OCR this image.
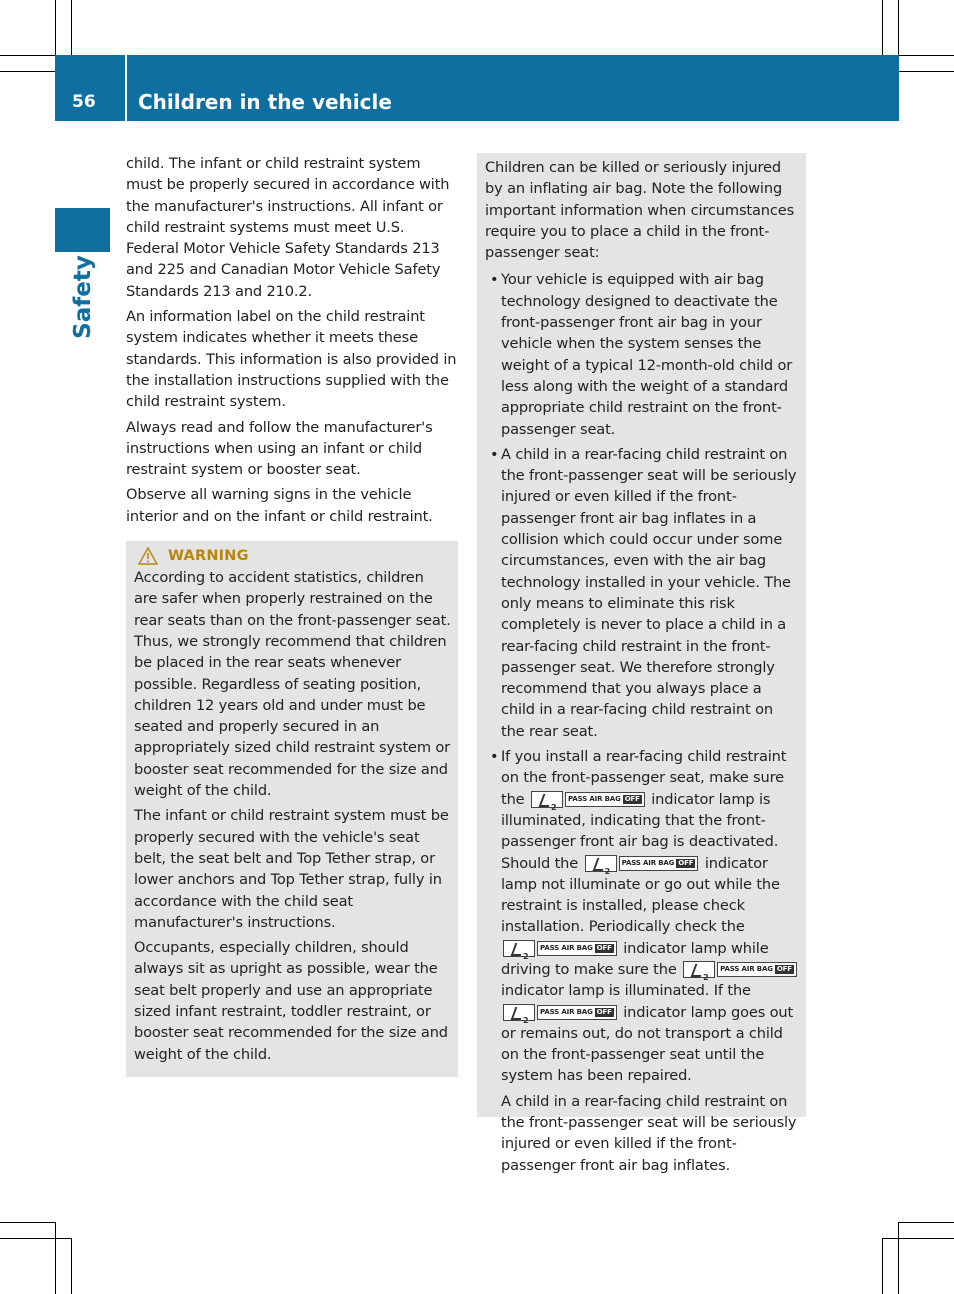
56	Children in the vehicle
Safety

child. The infant or child restraint system must be properly secured in accordance with the manufacturer's instructions. All infant or child restraint systems must meet U.S. Federal Motor Vehicle Safety Standards 213 and 225 and Canadian Motor Vehicle Safety Standards 213 and 210.2.

An information label on the child restraint system indicates whether it meets these standards. This information is also provided in the installation instructions supplied with the child restraint system.

Always read and follow the manufacturer's instructions when using an infant or child restraint system or booster seat.

Observe all warning signs in the vehicle interior and on the infant or child restraint.

WARNING

According to accident statistics, children are safer when properly restrained on the rear seats than on the front-passenger seat. Thus, we strongly recommend that children be placed in the rear seats whenever possible. Regardless of seating position, children 12 years old and under must be seated and properly secured in an appropriately sized child restraint system or booster seat recommended for the size and weight of the child.

The infant or child restraint system must be properly secured with the vehicle's seat belt, the seat belt and Top Tether strap, or lower anchors and Top Tether strap, fully in accordance with the child seat manufacturer's instructions.

Occupants, especially children, should always sit as upright as possible, wear the seat belt properly and use an appropriate sized infant restraint, toddler restraint, or booster seat recommended for the size and weight of the child.

Children can be killed or seriously injured by an inflating air bag. Note the following important information when circumstances require you to place a child in the front-passenger seat:

• Your vehicle is equipped with air bag technology designed to deactivate the front-passenger front air bag in your vehicle when the system senses the weight of a typical 12-month-old child or less along with the weight of a standard appropriate child restraint on the front-passenger seat.
• A child in a rear-facing child restraint on the front-passenger seat will be seriously injured or even killed if the front-passenger front air bag inflates in a collision which could occur under some circumstances, even with the air bag technology installed in your vehicle. The only means to eliminate this risk completely is never to place a child in a rear-facing child restraint in the front-passenger seat. We therefore strongly recommend that you always place a child in a rear-facing child restraint on the rear seat.
• If you install a rear-facing child restraint on the front-passenger seat, make sure the 2	PASS AIR BAG OFF indicator lamp is illuminated, indicating that the front-passenger front air bag is deactivated. Should the 2	PASS AIR BAG OFF indicator lamp not illuminate or go out while the restraint is installed, please check installation. Periodically check the
2
PASS AIR BAG OFF indicator lamp while driving to make sure the 2	PASS AIR BAG OFF
indicator lamp is illuminated. If the
2
PASS AIR BAG OFF indicator lamp goes out or remains out, do not transport a child on the front-passenger seat until the system has been repaired.

A child in a rear-facing child restraint on the front-passenger seat will be seriously injured or even killed if the front-passenger front air bag inflates.
